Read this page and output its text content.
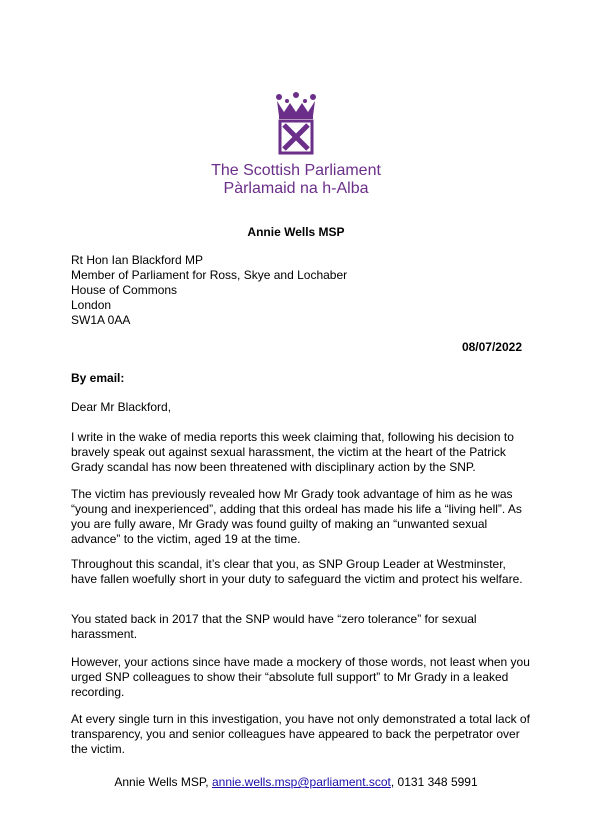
The Scottish Parliament
Pàrlamaid na h-Alba
Annie Wells MSP
Rt Hon Ian Blackford MP
Member of Parliament for Ross, Skye and Lochaber
House of Commons
London
SW1A 0AA
08/07/2022
By email:
Dear Mr Blackford,
I write in the wake of media reports this week claiming that, following his decision to bravely speak out against sexual harassment, the victim at the heart of the Patrick Grady scandal has now been threatened with disciplinary action by the SNP.
The victim has previously revealed how Mr Grady took advantage of him as he was “young and inexperienced”, adding that this ordeal has made his life a “living hell”. As you are fully aware, Mr Grady was found guilty of making an “unwanted sexual advance” to the victim, aged 19 at the time.
Throughout this scandal, it’s clear that you, as SNP Group Leader at Westminster, have fallen woefully short in your duty to safeguard the victim and protect his welfare.
You stated back in 2017 that the SNP would have “zero tolerance” for sexual harassment.
However, your actions since have made a mockery of those words, not least when you urged SNP colleagues to show their “absolute full support” to Mr Grady in a leaked recording.
At every single turn in this investigation, you have not only demonstrated a total lack of transparency, you and senior colleagues have appeared to back the perpetrator over the victim.
Annie Wells MSP, annie.wells.msp@parliament.scot, 0131 348 5991
